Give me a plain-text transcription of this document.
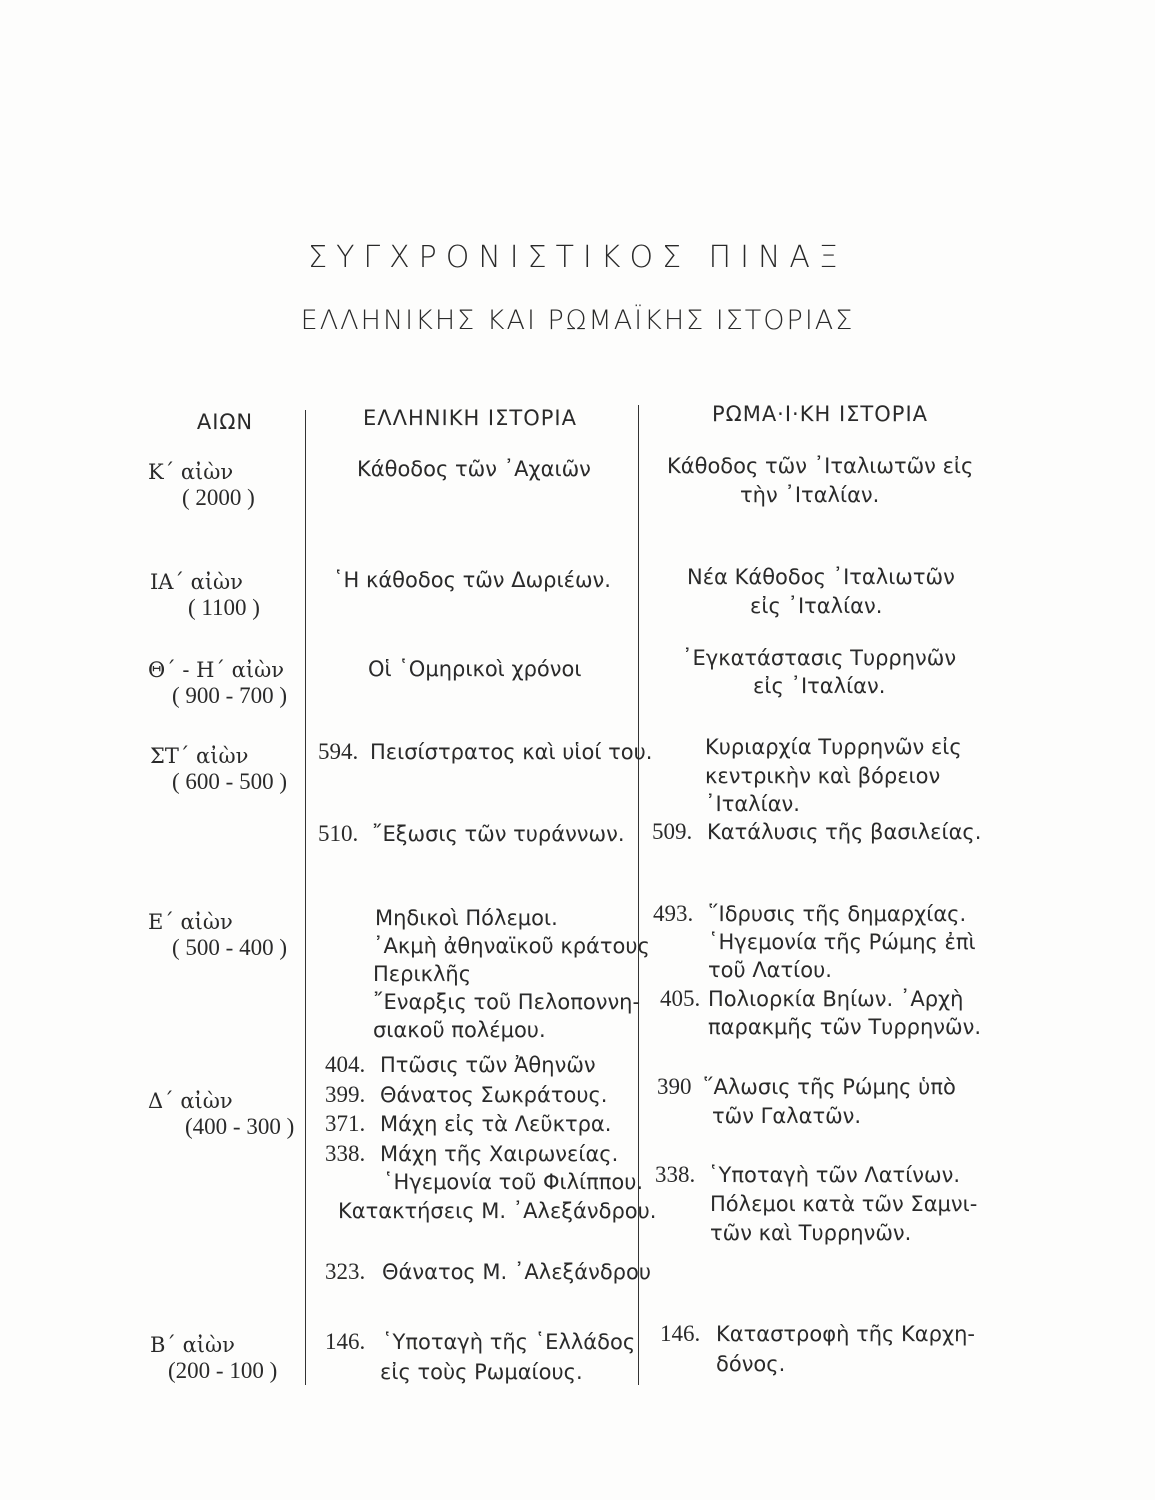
ΣΥΓΧΡΟΝΙΣΤΙΚΟΣ ΠΙΝΑΞ
ΕΛΛΗΝΙΚΗΣ ΚΑΙ ΡΩΜΑΪΚΗΣ ΙΣΤΟΡΙΑΣ
ΑΙΩΝ	ΕΛΛΗΝΙΚΗ ΙΣΤΟΡΙΑ	ΡΩΜΑ·Ι·ΚΗ ΙΣΤΟΡΙΑ
Κ΄ αἰὼν
( 2000 )
ΙΑ΄ αἰὼν
( 1100 )
Θ΄ - Η΄ αἰὼν
( 900 - 700 )
ΣΤ΄ αἰὼν
( 600 - 500 )
Ε΄ αἰὼν
( 500 - 400 )
Δ΄ αἰὼν
(400 - 300 )
Β΄ αἰὼν
(200 - 100 )
Κάθοδος τῶν ᾿Αχαιῶν
῾Η κάθοδος τῶν Δωριέων.
Οἱ ῾Ομηρικοὶ χρόνοι
594. Πεισίστρατος καὶ υἱοί του.
510. ῎Εξωσις τῶν τυράννων.
Μηδικοὶ Πόλεμοι.
᾿Ακμὴ ἀθηναϊκοῦ κράτους
Περικλῆς
῎Εναρξις τοῦ Πελοποννη-
σιακοῦ πολέμου.
404. Πτῶσις τῶν Ἀθηνῶν
399. Θάνατος Σωκράτους.
371. Μάχη εἰς τὰ Λεῦκτρα.
338. Μάχη τῆς Χαιρωνείας.
῾Ηγεμονία τοῦ Φιλίππου.
Κατακτήσεις Μ. ᾿Αλεξάνδρου.
323. Θάνατος Μ. ᾿Αλεξάνδρου
146. ῾Υποταγὴ τῆς ῾Ελλάδος
εἰς τοὺς Ρωμαίους.
Κάθοδος τῶν ᾿Ιταλιωτῶν εἰς
τὴν ᾿Ιταλίαν.
Νέα Κάθοδος ᾿Ιταλιωτῶν
εἰς ᾿Ιταλίαν.
᾿Εγκατάστασις Τυρρηνῶν
εἰς ᾿Ιταλίαν.
Κυριαρχία Τυρρηνῶν εἰς
κεντρικὴν καὶ βόρειον
᾿Ιταλίαν.
509. Κατάλυσις τῆς βασιλείας.
493. ῞Ιδρυσις τῆς δημαρχίας.
῾Ηγεμονία τῆς Ρώμης ἐπὶ
τοῦ Λατίου.
405. Πολιορκία Βηίων. ᾿Αρχὴ
παρακμῆς τῶν Τυρρηνῶν.
390 ῞Αλωσις τῆς Ρώμης ὑπὸ
τῶν Γαλατῶν.
338. ῾Υποταγὴ τῶν Λατίνων.
Πόλεμοι κατὰ τῶν Σαμνι-
τῶν καὶ Τυρρηνῶν.
146. Καταστροφὴ τῆς Καρχη-
δόνος.
